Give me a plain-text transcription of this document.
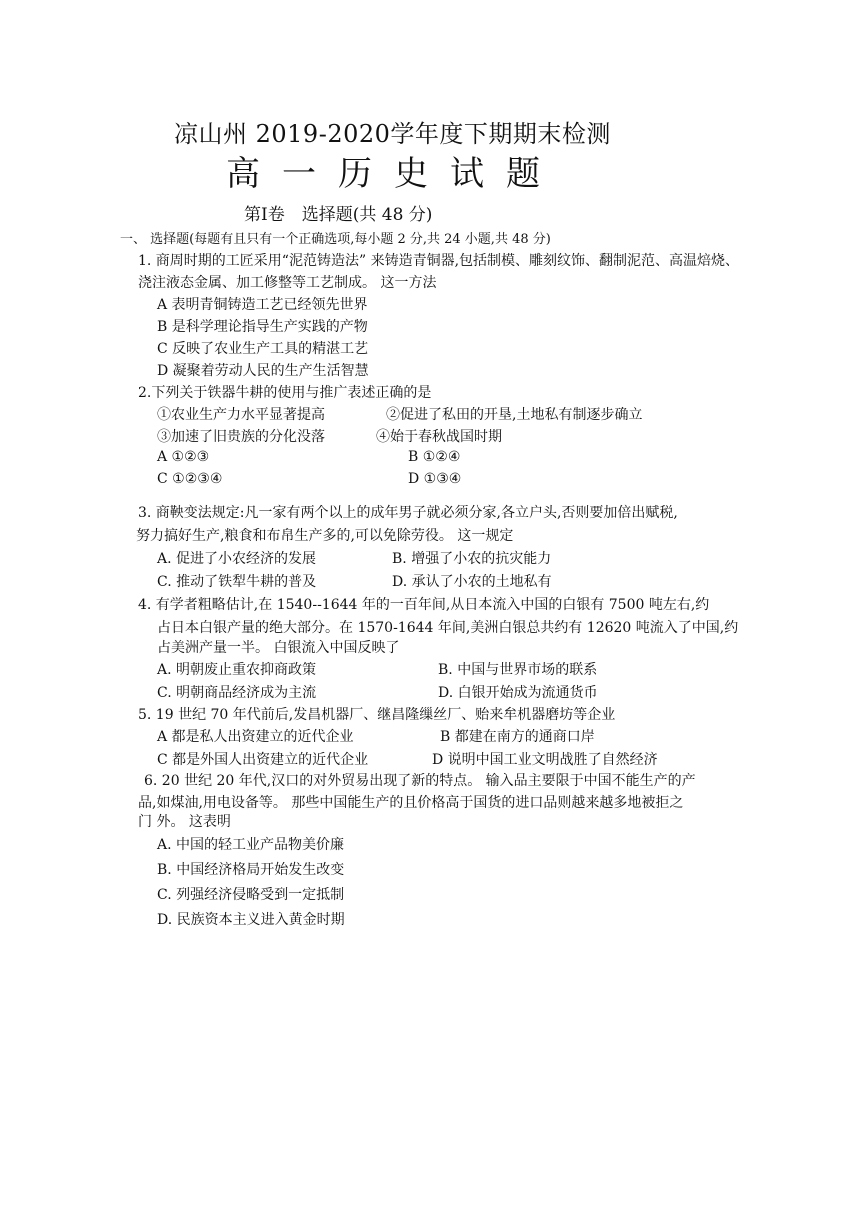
凉山州 2019-2020学年度下期期末检测
高一历史试题
第Ⅰ卷　选择题(共 48 分)
一、 选择题(每题有且只有一个正确选项,每小题 2 分,共 24 小题,共 48 分)
1. 商周时期的工匠采用“泥范铸造法” 来铸造青铜器,包括制模、雕刻纹饰、翻制泥范、高温焙烧、
浇注液态金属、加工修整等工艺制成。 这一方法
A 表明青铜铸造工艺已经领先世界
B 是科学理论指导生产实践的产物
C 反映了农业生产工具的精湛工艺
D 凝聚着劳动人民的生产生活智慧
2.下列关于铁器牛耕的使用与推广表述正确的是
①农业生产力水平显著提高	②促进了私田的开垦,土地私有制逐步确立
③加速了旧贵族的分化没落	④始于春秋战国时期
A ①②③	B ①②④
C ①②③④	D ①③④
3. 商鞅变法规定:凡一家有两个以上的成年男子就必须分家,各立户头,否则要加倍出赋税,
努力搞好生产,粮食和布帛生产多的,可以免除劳役。 这一规定
A. 促进了小农经济的发展	B. 增强了小农的抗灾能力
C. 推动了铁犁牛耕的普及	D. 承认了小农的土地私有
4. 有学者粗略估计,在 1540--1644 年的一百年间,从日本流入中国的白银有 7500 吨左右,约
占日本白银产量的绝大部分。在 1570-1644 年间,美洲白银总共约有 12620 吨流入了中国,约
占美洲产量一半。 白银流入中国反映了
A. 明朝废止重农抑商政策	B. 中国与世界市场的联系
C. 明朝商品经济成为主流	D. 白银开始成为流通货币
5. 19 世纪 70 年代前后,发昌机器厂、继昌隆缫丝厂、贻来牟机器磨坊等企业
A 都是私人出资建立的近代企业	B 都建在南方的通商口岸
C 都是外国人出资建立的近代企业	D 说明中国工业文明战胜了自然经济
6. 20 世纪 20 年代,汉口的对外贸易出现了新的特点。 输入品主要限于中国不能生产的产
品,如煤油,用电设备等。 那些中国能生产的且价格高于国货的进口品则越来越多地被拒之
门 外。 这表明
A. 中国的轻工业产品物美价廉
B. 中国经济格局开始发生改变
C. 列强经济侵略受到一定抵制
D. 民族资本主义进入黄金时期
